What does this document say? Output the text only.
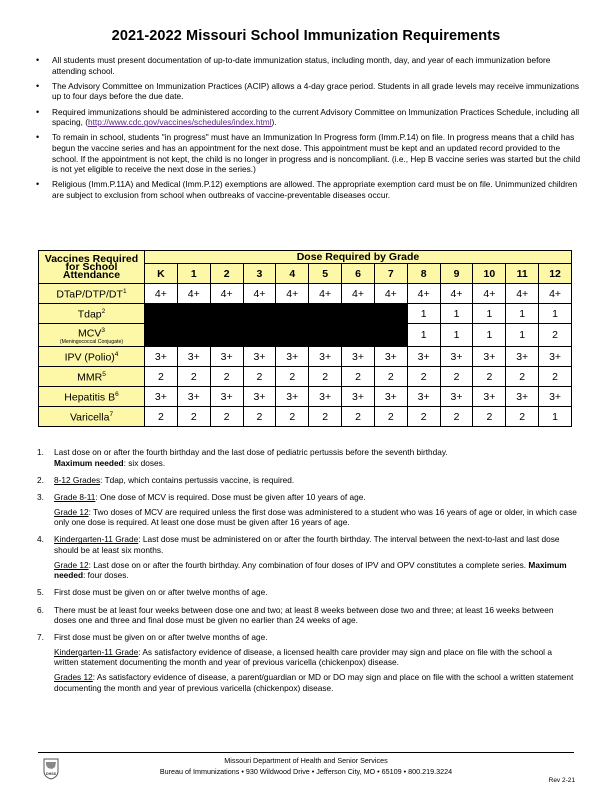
2021-2022 Missouri School Immunization Requirements
• All students must present documentation of up-to-date immunization status, including month, day, and year of each immunization before attending school.
• The Advisory Committee on Immunization Practices (ACIP) allows a 4-day grace period. Students in all grade levels may receive immunizations up to four days before the due date.
• Required immunizations should be administered according to the current Advisory Committee on Immunization Practices Schedule, including all spacing, (http://www.cdc.gov/vaccines/schedules/index.html).
• To remain in school, students "in progress" must have an Immunization In Progress form (Imm.P.14) on file. In progress means that a child has begun the vaccine series and has an appointment for the next dose. This appointment must be kept and an updated record provided to the school. If the appointment is not kept, the child is no longer in progress and is noncompliant. (i.e., Hep B vaccine series was started but the child is not yet eligible to receive the next dose in the series.)
• Religious (Imm.P.11A) and Medical (Imm.P.12) exemptions are allowed. The appropriate exemption card must be on file. Unimmunized children are subject to exclusion from school when outbreaks of vaccine-preventable diseases occur.
Vaccines Required for School Attendance	Dose Required by Grade												
	K	1	2	3	4	5	6	7	8	9	10	11	12
DTaP/$DTP/DT^1$	4+	4+	4+	4+	4+	4+	4+	4+	4+	4+	4+	4+	4+
Tdap$^2$									1	1	1	1	1
MCV$^3$
(Meningococcal Conjugate)									1	1	1	1	2
IPV (Polio)$^4$	3+	3+	3+	3+	3+	3+	3+	3+	3+	3+	3+	3+	3+
$MMR^5$	2	2	2	2	2	2	2	2	2	2	2	2	2
Hepatitis $B^6$	3+	3+	3+	3+	3+	3+	3+	3+	3+	3+	3+	3+	3+
Varicella$^7$	2	2	2	2	2	2	2	2	2	2	2	2	1
1. Last dose on or after the fourth birthday and the last dose of pediatric pertussis before the seventh birthday.
Maximum needed: six doses.
2. 8-12 Grades: Tdap, which contains pertussis vaccine, is required.
3. Grade 8-11: One dose of MCV is required. Dose must be given after 10 years of age.
Grade 12: Two doses of MCV are required unless the first dose was administered to a student who was 16 years of age or older, in which case only one dose is required. At least one dose must be given after 16 years of age.
4. Kindergarten-11 Grade: Last dose must be administered on or after the fourth birthday. The interval between the next-to-last and last dose should be at least six months.
Grade 12: Last dose on or after the fourth birthday. Any combination of four doses of IPV and OPV constitutes a complete series. Maximum needed: four doses.
5. First dose must be given on or after twelve months of age.
6. There must be at least four weeks between dose one and two; at least 8 weeks between dose two and three; at least 16 weeks between doses one and three and final dose must be given no earlier than 24 weeks of age.
7. First dose must be given on or after twelve months of age.
Kindergarten-11 Grade: As satisfactory evidence of disease, a licensed health care provider may sign and place on file with the school a written statement documenting the month and year of previous varicella (chickenpox) disease.
Grades 12: As satisfactory evidence of disease, a parent/guardian or MD or DO may sign and place on file with the school a written statement documenting the month and year of previous varicella (chickenpox) disease.
DHSS
Missouri Department of Health and Senior Services
Bureau of Immunizations • 930 Wildwood Drive • Jefferson City, MO • 65109 • 800.219.3224
Rev 2-21
